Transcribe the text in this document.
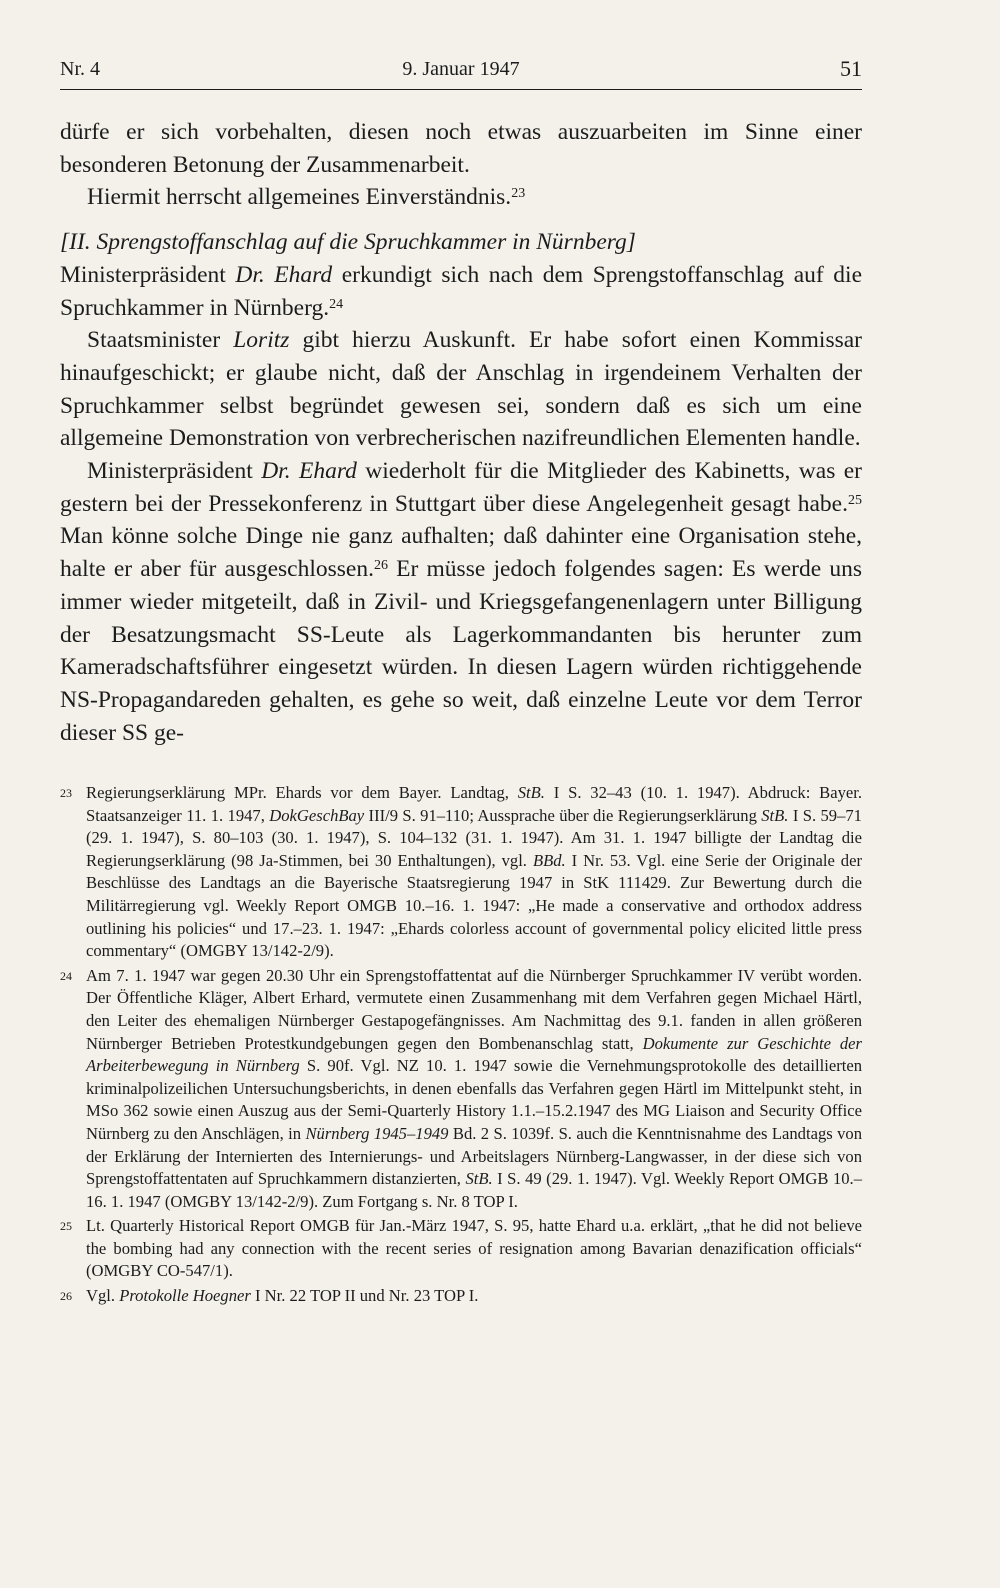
Nr. 4	9. Januar 1947	51

dürfe er sich vorbehalten, diesen noch etwas auszuarbeiten im Sinne einer besonderen Betonung der Zusammenarbeit.

Hiermit herrscht allgemeines Einverständnis.$^{23}$

[II. Sprengstoffanschlag auf die Spruchkammer in Nürnberg]

Ministerpräsident Dr. Ehard erkundigt sich nach dem Sprengstoffanschlag auf die Spruchkammer in Nürnberg.$^{24}$

Staatsminister Loritz gibt hierzu Auskunft. Er habe sofort einen Kommissar hinaufgeschickt; er glaube nicht, daß der Anschlag in irgendeinem Verhalten der Spruchkammer selbst begründet gewesen sei, sondern daß es sich um eine allgemeine Demonstration von verbrecherischen nazifreundlichen Elementen handle.

Ministerpräsident Dr. Ehard wiederholt für die Mitglieder des Kabinetts, was er gestern bei der Pressekonferenz in Stuttgart über diese Angelegenheit gesagt habe.$^{25}$ Man könne solche Dinge nie ganz aufhalten; daß dahinter eine Organisation stehe, halte er aber für ausgeschlossen.$^{26}$ Er müsse jedoch folgendes sagen: Es werde uns immer wieder mitgeteilt, daß in Zivil- und Kriegsgefangenenlagern unter Billigung der Besatzungsmacht SS-Leute als Lagerkommandanten bis herunter zum Kameradschaftsführer eingesetzt würden. In diesen Lagern würden richtiggehende NS-Propagandareden gehalten, es gehe so weit, daß einzelne Leute vor dem Terror dieser SS ge-

23 Regierungserklärung MPr. Ehards vor dem Bayer. Landtag, StB. I S. 32–43 (10. 1. 1947). Abdruck: Bayer. Staatsanzeiger 11. 1. 1947, DokGeschBay III/9 S. 91–110; Aussprache über die Regierungserklärung StB. I S. 59–71 (29. 1. 1947), S. 80–103 (30. 1. 1947), S. 104–132 (31. 1. 1947). Am 31. 1. 1947 billigte der Landtag die Regierungserklärung (98 Ja-Stimmen, bei 30 Enthaltungen), vgl. BBd. I Nr. 53. Vgl. eine Serie der Originale der Beschlüsse des Landtags an die Bayerische Staatsregierung 1947 in StK 111429. Zur Bewertung durch die Militärregierung vgl. Weekly Report OMGB 10.–16. 1. 1947: „He made a conservative and orthodox address outlining his policies“ und 17.–23. 1. 1947: „Ehards colorless account of governmental policy elicited little press commentary“ (OMGBY 13/142-2/9).
24 Am 7. 1. 1947 war gegen 20.30 Uhr ein Sprengstoffattentat auf die Nürnberger Spruchkammer IV verübt worden. Der Öffentliche Kläger, Albert Erhard, vermutete einen Zusammenhang mit dem Verfahren gegen Michael Härtl, den Leiter des ehemaligen Nürnberger Gestapogefängnisses. Am Nachmittag des 9.1. fanden in allen größeren Nürnberger Betrieben Protestkundgebungen gegen den Bombenanschlag statt, Dokumente zur Geschichte der Arbeiterbewegung in Nürnberg S. 90f. Vgl. NZ 10. 1. 1947 sowie die Vernehmungsprotokolle des detaillierten kriminalpolizeilichen Untersuchungsberichts, in denen ebenfalls das Verfahren gegen Härtl im Mittelpunkt steht, in MSo 362 sowie einen Auszug aus der Semi-Quarterly History 1.1.–15.2.1947 des MG Liaison and Security Office Nürnberg zu den Anschlägen, in Nürnberg 1945–1949 Bd. 2 S. 1039f. S. auch die Kenntnisnahme des Landtags von der Erklärung der Internierten des Internierungs- und Arbeitslagers Nürnberg-Langwasser, in der diese sich von Sprengstoffattentaten auf Spruchkammern distanzierten, StB. I S. 49 (29. 1. 1947). Vgl. Weekly Report OMGB 10.–16. 1. 1947 (OMGBY 13/142-2/9). Zum Fortgang s. Nr. 8 TOP I.
25 Lt. Quarterly Historical Report OMGB für Jan.-März 1947, S. 95, hatte Ehard u.a. erklärt, „that he did not believe the bombing had any connection with the recent series of resignation among Bavarian denazification officials“ (OMGBY CO-547/1).
26 Vgl. Protokolle Hoegner I Nr. 22 TOP II und Nr. 23 TOP I.
